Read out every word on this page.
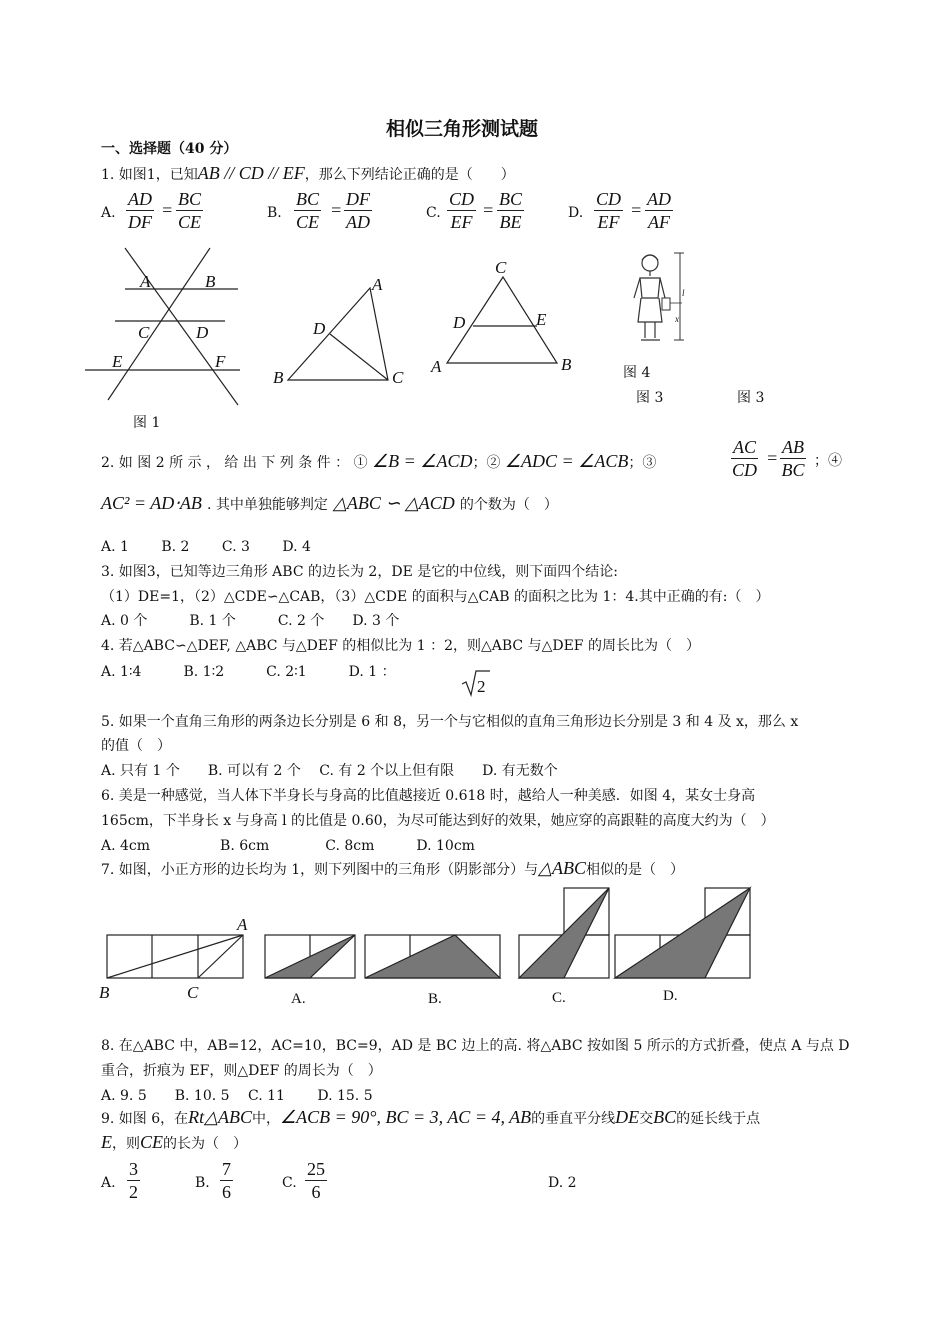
相似三角形测试题
一、选择题（40 分）
1. 如图1，已知AB // CD // EF，那么下列结论正确的是（　　）
A. $\frac{AD}{DF} = \frac{BC}{CE}$	B. $\frac{BC}{CE} = \frac{DF}{AD}$	C. $\frac{CD}{EF} = \frac{BC}{BE}$	D. $\frac{CD}{EF} = \frac{AD}{AF}$
A	B
C	D
E	F
图 1
A
D
B	C
C
D	E
A	B
l
x
图 4
图 3	图 3
2. 如 图 2 所 示 ， 给 出 下 列 条 件 ： ① ∠B = ∠ACD；② ∠ADC = ∠ACB；③	$\frac{AC}{CD} = \frac{AB}{BC}$ ；④
AC² = AD⋅AB . 其中单独能够判定 △ABC ∽ △ACD 的个数为（　）
A. 1　　 B. 2　　 C. 3　　 D. 4
3. 如图3，已知等边三角形 ABC 的边长为 2，DE 是它的中位线，则下面四个结论:
（1）DE=1，（2）△CDE∽△CAB，（3）△CDE 的面积与△CAB 的面积之比为 1：4.其中正确的有:（　）
A. 0 个　　　B. 1 个　　　C. 2 个　　D. 3 个
4. 若△ABC∽△DEF, △ABC 与△DEF 的相似比为 1 ：2，则△ABC 与△DEF 的周长比为（　）
A. 1∶4　　　B. 1∶2　　　C. 2∶1　　　D. 1 ：
2
5. 如果一个直角三角形的两条边长分别是 6 和 8，另一个与它相似的直角三角形边长分别是 3 和 4 及 x，那么 x
的值（　）
A. 只有 1 个　　B. 可以有 2 个　 C. 有 2 个以上但有限　　D. 有无数个
6. 美是一种感觉，当人体下半身长与身高的比值越接近 0.618 时，越给人一种美感．如图 4，某女士身高
165cm，下半身长 x 与身高 l 的比值是 0.60，为尽可能达到好的效果，她应穿的高跟鞋的高度大约为（　）
A. 4cm　　　　　B. 6cm　　　　C. 8cm　　　D. 10cm
7. 如图，小正方形的边长均为 1，则下列图中的三角形（阴影部分）与△ABC相似的是（　）
A
B	C	A.	B.	C.	D.
8. 在△ABC 中，AB=12，AC=10，BC=9，AD 是 BC 边上的高. 将△ABC 按如图 5 所示的方式折叠，使点 A 与点 D
重合，折痕为 EF，则△DEF 的周长为（　）
A. 9. 5　　B. 10. 5　 C. 11　　 D. 15. 5
9. 如图 6，在Rt△ABC中，∠ACB = 90°, BC = 3, AC = 4, AB的垂直平分线DE交BC的延长线于点
E，则CE的长为（　）
A. $\frac{3}{2}$	B. $\frac{7}{6}$	C. $\frac{25}{6}$	D. 2
